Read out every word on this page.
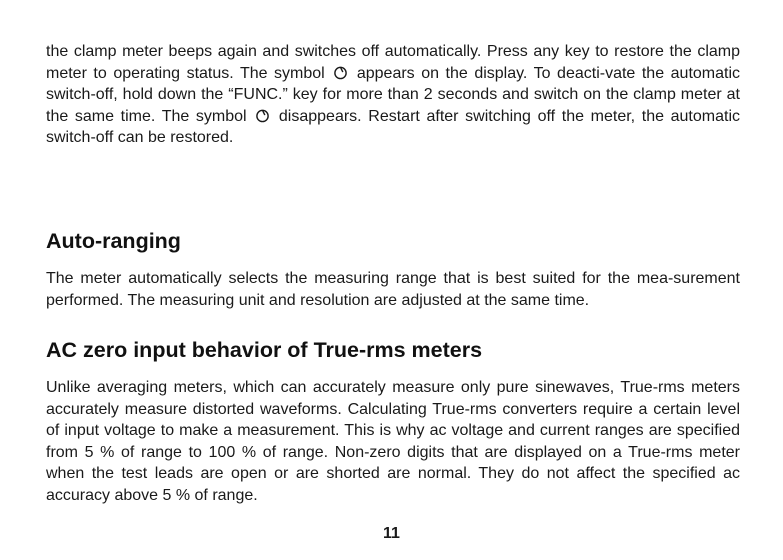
the clamp meter beeps again and switches off automatically. Press any key to restore the clamp meter to operating status. The symbol appears on the display. To deacti-vate the automatic switch-off, hold down the “FUNC.” key for more than 2 seconds and switch on the clamp meter at the same time. The symbol disappears. Restart after switching off the meter, the automatic switch-off can be restored.

Auto-ranging

The meter automatically selects the measuring range that is best suited for the mea-surement performed. The measuring unit and resolution are adjusted at the same time.

AC zero input behavior of True-rms meters

Unlike averaging meters, which can accurately measure only pure sinewaves, True-rms meters accurately measure distorted waveforms. Calculating True-rms converters require a certain level of input voltage to make a measurement. This is why ac voltage and current ranges are specified from 5 % of range to 100 % of range. Non-zero digits that are displayed on a True-rms meter when the test leads are open or are shorted are normal. They do not affect the specified ac accuracy above 5 % of range.

11
